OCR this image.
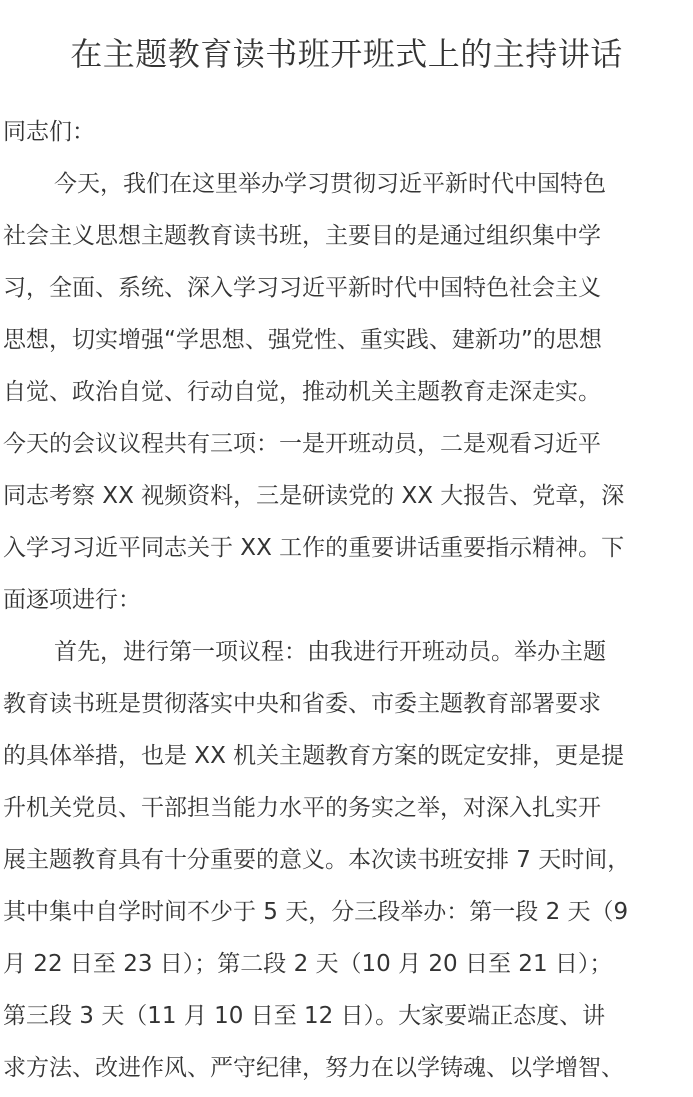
在主题教育读书班开班式上的主持讲话
同志们：
今天，我们在这里举办学习贯彻习近平新时代中国特色
社会主义思想主题教育读书班，主要目的是通过组织集中学
习，全面、系统、深入学习习近平新时代中国特色社会主义
思想，切实增强“学思想、强党性、重实践、建新功”的思想
自觉、政治自觉、行动自觉，推动机关主题教育走深走实。
今天的会议议程共有三项：一是开班动员，二是观看习近平
同志考察 XX 视频资料，三是研读党的 XX 大报告、党章，深
入学习习近平同志关于 XX 工作的重要讲话重要指示精神。下
面逐项进行：
首先，进行第一项议程：由我进行开班动员。举办主题
教育读书班是贯彻落实中央和省委、市委主题教育部署要求
的具体举措，也是 XX 机关主题教育方案的既定安排，更是提
升机关党员、干部担当能力水平的务实之举，对深入扎实开
展主题教育具有十分重要的意义。本次读书班安排 7 天时间，
其中集中自学时间不少于 5 天，分三段举办：第一段 2 天（9
月 22 日至 23 日）；第二段 2 天（10 月 20 日至 21 日）；
第三段 3 天（11 月 10 日至 12 日）。大家要端正态度、讲
求方法、改进作风、严守纪律，努力在以学铸魂、以学增智、
